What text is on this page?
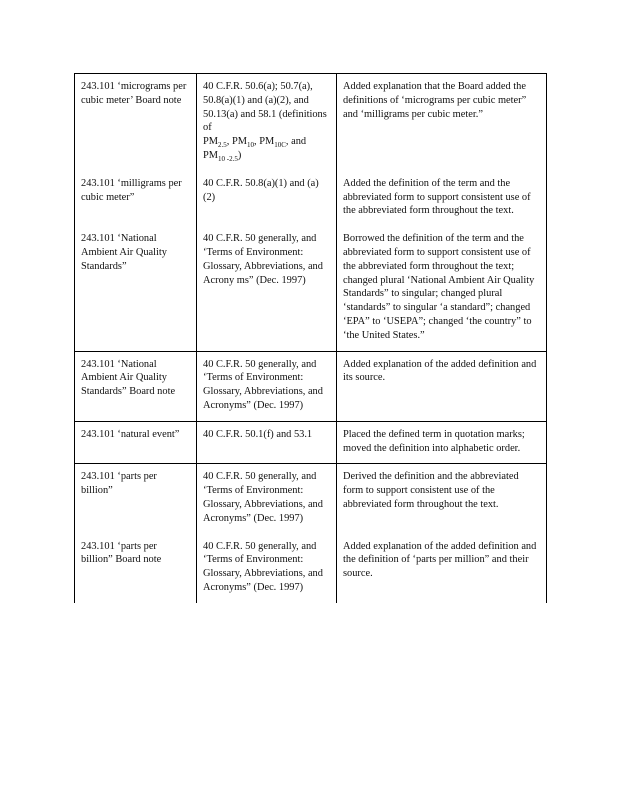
243.101 ‘micrograms per cubic meter’ Board note	40 C.F.R. 50.6(a); 50.7(a), 50.8(a)(1) and (a)(2), and 50.13(a) and 58.1 (definitions of
$PM_{2.5}$, $PM_{10}$, $PM_{10C}$, and $PM_{10 -2.5}$)	Added explanation that the Board added the definitions of ‘micrograms per cubic meter” and ‘milligrams per cubic meter.”
243.101 ‘milligrams per cubic meter”	40 C.F.R. 50.8(a)(1) and (a)(2)	Added the definition of the term and the abbreviated form to support consistent use of the abbreviated form throughout the text.
243.101 ‘National Ambient Air Quality Standards”	40 C.F.R. 50 generally, and ‘Terms of Environment: Glossary, Abbreviations, and Acrony ms” (Dec. 1997)	Borrowed the definition of the term and the abbreviated form to support consistent use of the abbreviated form throughout the text; changed plural ‘National Ambient Air Quality Standards” to singular; changed plural ‘standards” to singular ‘a standard”; changed ‘EPA” to ‘USEPA”; changed ‘the country” to ‘the United States.”
243.101 ‘National Ambient Air Quality Standards” Board note	40 C.F.R. 50 generally, and ‘Terms of Environment: Glossary, Abbreviations, and Acronyms” (Dec. 1997)	Added explanation of the added definition and its source.
243.101 ‘natural event”	40 C.F.R. 50.1(f) and 53.1	Placed the defined term in quotation marks; moved the definition into alphabetic order.
243.101 ‘parts per billion”	40 C.F.R. 50 generally, and ‘Terms of Environment: Glossary, Abbreviations, and Acronyms” (Dec. 1997)	Derived the definition and the abbreviated form to support consistent use of the abbreviated form throughout the text.
243.101 ‘parts per billion” Board note	40 C.F.R. 50 generally, and ‘Terms of Environment: Glossary, Abbreviations, and Acronyms” (Dec. 1997)	Added explanation of the added definition and the definition of ‘parts per million” and their source.
